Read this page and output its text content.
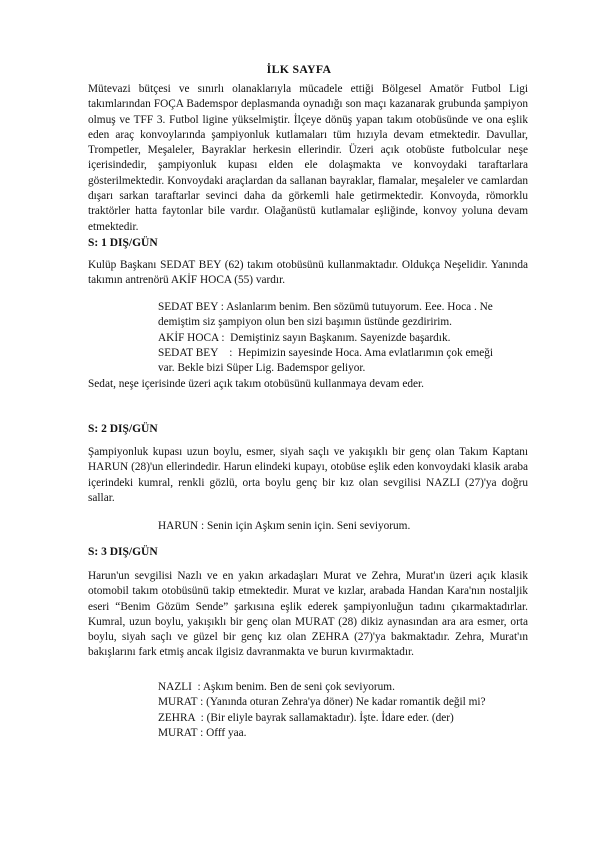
İLK SAYFA

Mütevazi bütçesi ve sınırlı olanaklarıyla mücadele ettiği Bölgesel Amatör Futbol Ligi takımlarından FOÇA Bademspor deplasmanda oynadığı son maçı kazanarak grubunda şampiyon olmuş ve TFF 3. Futbol ligine yükselmiştir. İlçeye dönüş yapan takım otobüsünde ve ona eşlik eden araç konvoylarında şampiyonluk kutlamaları tüm hızıyla devam etmektedir. Davullar, Trompetler, Meşaleler, Bayraklar herkesin ellerindir. Üzeri açık otobüste futbolcular neşe içerisindedir, şampiyonluk kupası elden ele dolaşmakta ve konvoydaki taraftarlara gösterilmektedir. Konvoydaki araçlardan da sallanan bayraklar, flamalar, meşaleler ve camlardan dışarı sarkan taraftarlar sevinci daha da görkemli hale getirmektedir. Konvoyda, römorklu traktörler hatta faytonlar bile vardır. Olağanüstü kutlamalar eşliğinde, konvoy yoluna devam etmektedir.

S: 1 DIŞ/GÜN

Kulüp Başkanı SEDAT BEY (62) takım otobüsünü kullanmaktadır. Oldukça Neşelidir. Yanında takımın antrenörü AKİF HOCA (55) vardır.

SEDAT BEY : Aslanlarım benim. Ben sözümü tutuyorum. Eee. Hoca . Ne
demiştim siz şampiyon olun ben sizi başımın üstünde gezdiririm.
AKİF HOCA :  Demiştiniz sayın Başkanım. Sayenizde başardık.
SEDAT BEY    :  Hepimizin sayesinde Hoca. Ama evlatlarımın çok emeği
var. Bekle bizi Süper Lig. Bademspor geliyor.

Sedat, neşe içerisinde üzeri açık takım otobüsünü kullanmaya devam eder.

S: 2 DIŞ/GÜN

Şampiyonluk kupası uzun boylu, esmer, siyah saçlı ve yakışıklı bir genç olan Takım Kaptanı HARUN (28)'un ellerindedir. Harun elindeki kupayı, otobüse eşlik eden konvoydaki klasik araba içerindeki kumral, renkli gözlü, orta boylu genç bir kız olan sevgilisi NAZLI (27)'ya doğru sallar.

HARUN : Senin için Aşkım senin için. Seni seviyorum.

S: 3 DIŞ/GÜN

Harun'un sevgilisi Nazlı ve en yakın arkadaşları Murat ve Zehra, Murat'ın üzeri açık klasik otomobil takım otobüsünü takip etmektedir. Murat ve kızlar, arabada Handan Kara'nın nostaljik eseri “Benim Gözüm Sende” şarkısına eşlik ederek şampiyonluğun tadını çıkarmaktadırlar. Kumral, uzun boylu, yakışıklı bir genç olan MURAT (28) dikiz aynasından ara ara esmer, orta boylu, siyah saçlı ve güzel bir genç kız olan ZEHRA (27)'ya bakmaktadır. Zehra, Murat'ın bakışlarını fark etmiş ancak ilgisiz davranmakta ve burun kıvırmaktadır.

NAZLI  : Aşkım benim. Ben de seni çok seviyorum.
MURAT : (Yanında oturan Zehra'ya döner) Ne kadar romantik değil mi?
ZEHRA  : (Bir eliyle bayrak sallamaktadır). İşte. İdare eder. (der)
MURAT : Offf yaa.
